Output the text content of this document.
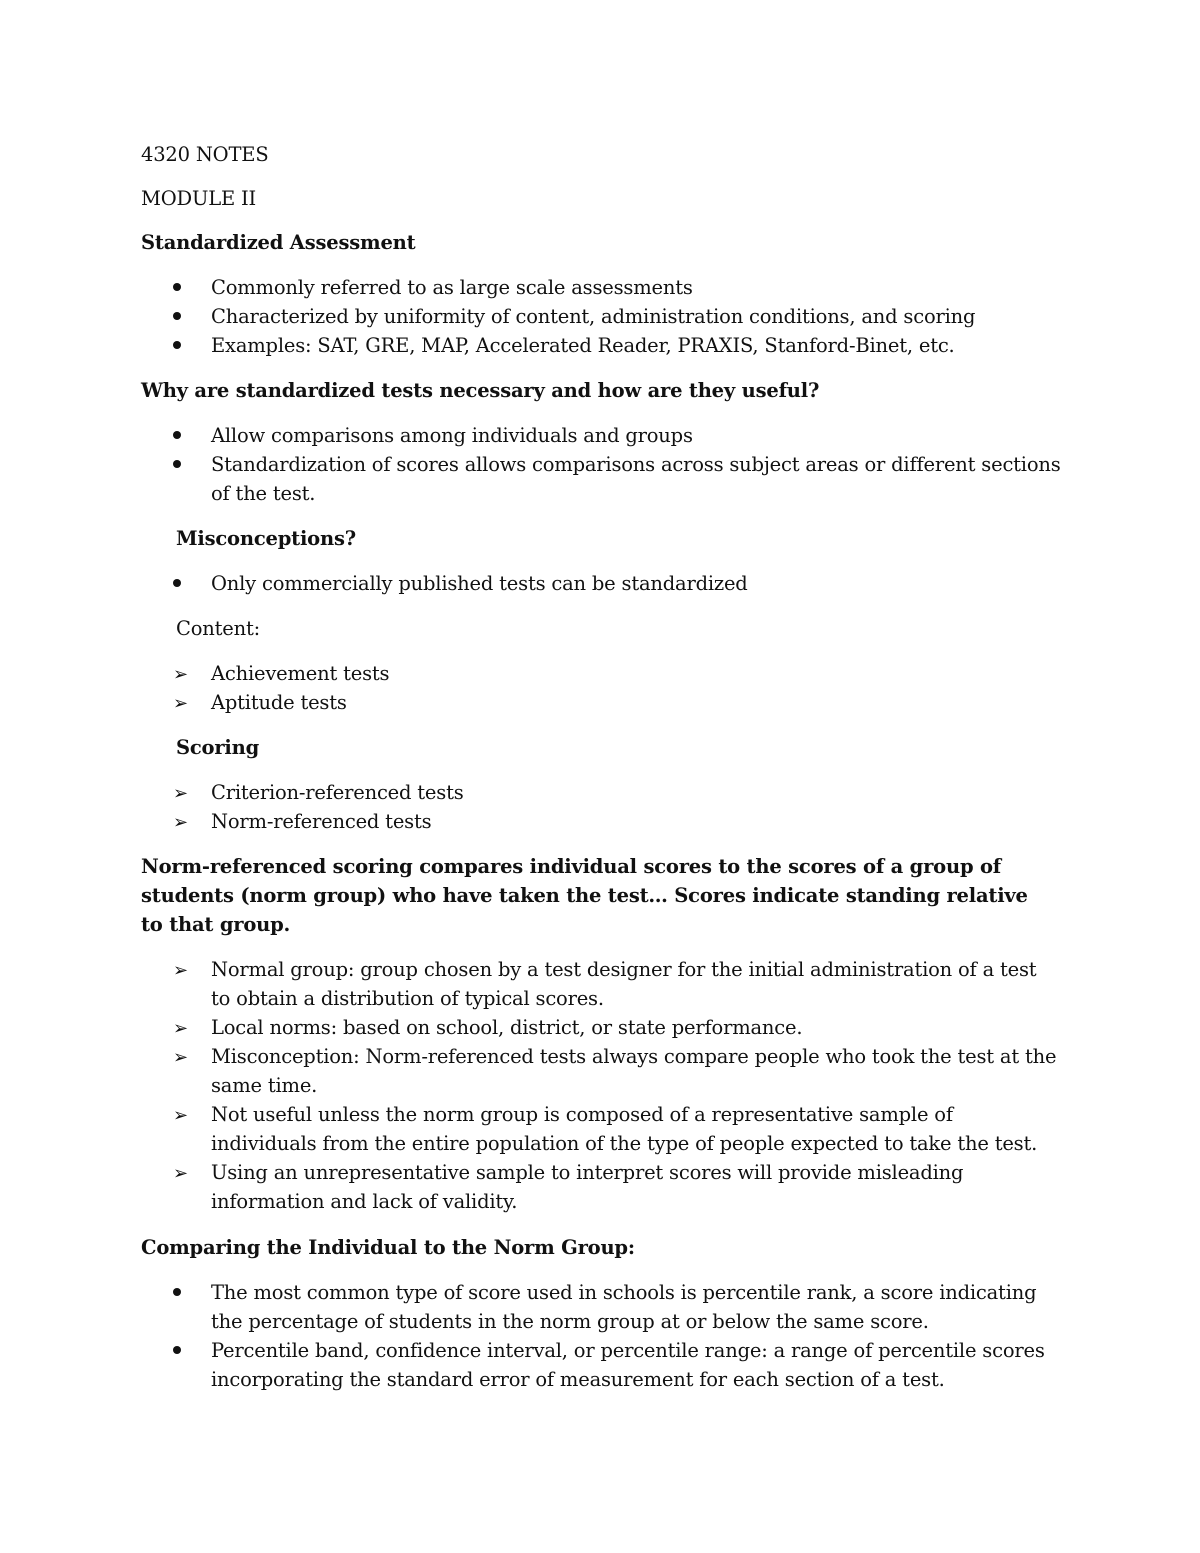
4320 NOTES

MODULE II

Standardized Assessment

Commonly referred to as large scale assessments
Characterized by uniformity of content, administration conditions, and scoring
Examples: SAT, GRE, MAP, Accelerated Reader, PRAXIS, Stanford-Binet, etc.

Why are standardized tests necessary and how are they useful?

Allow comparisons among individuals and groups
Standardization of scores allows comparisons across subject areas or different sections of the test.

Misconceptions?

Only commercially published tests can be standardized

Content:

➢	Achievement tests
➢	Aptitude tests

Scoring

➢	Criterion-referenced tests
➢	Norm-referenced tests

Norm-referenced scoring compares individual scores to the scores of a group of students (norm group) who have taken the test… Scores indicate standing relative to that group.

➢	Normal group: group chosen by a test designer for the initial administration of a test to obtain a distribution of typical scores.
➢	Local norms: based on school, district, or state performance.
➢	Misconception: Norm-referenced tests always compare people who took the test at the same time.
➢	Not useful unless the norm group is composed of a representative sample of individuals from the entire population of the type of people expected to take the test.
➢	Using an unrepresentative sample to interpret scores will provide misleading information and lack of validity.

Comparing the Individual to the Norm Group:

The most common type of score used in schools is percentile rank, a score indicating the percentage of students in the norm group at or below the same score.
Percentile band, confidence interval, or percentile range: a range of percentile scores incorporating the standard error of measurement for each section of a test.
